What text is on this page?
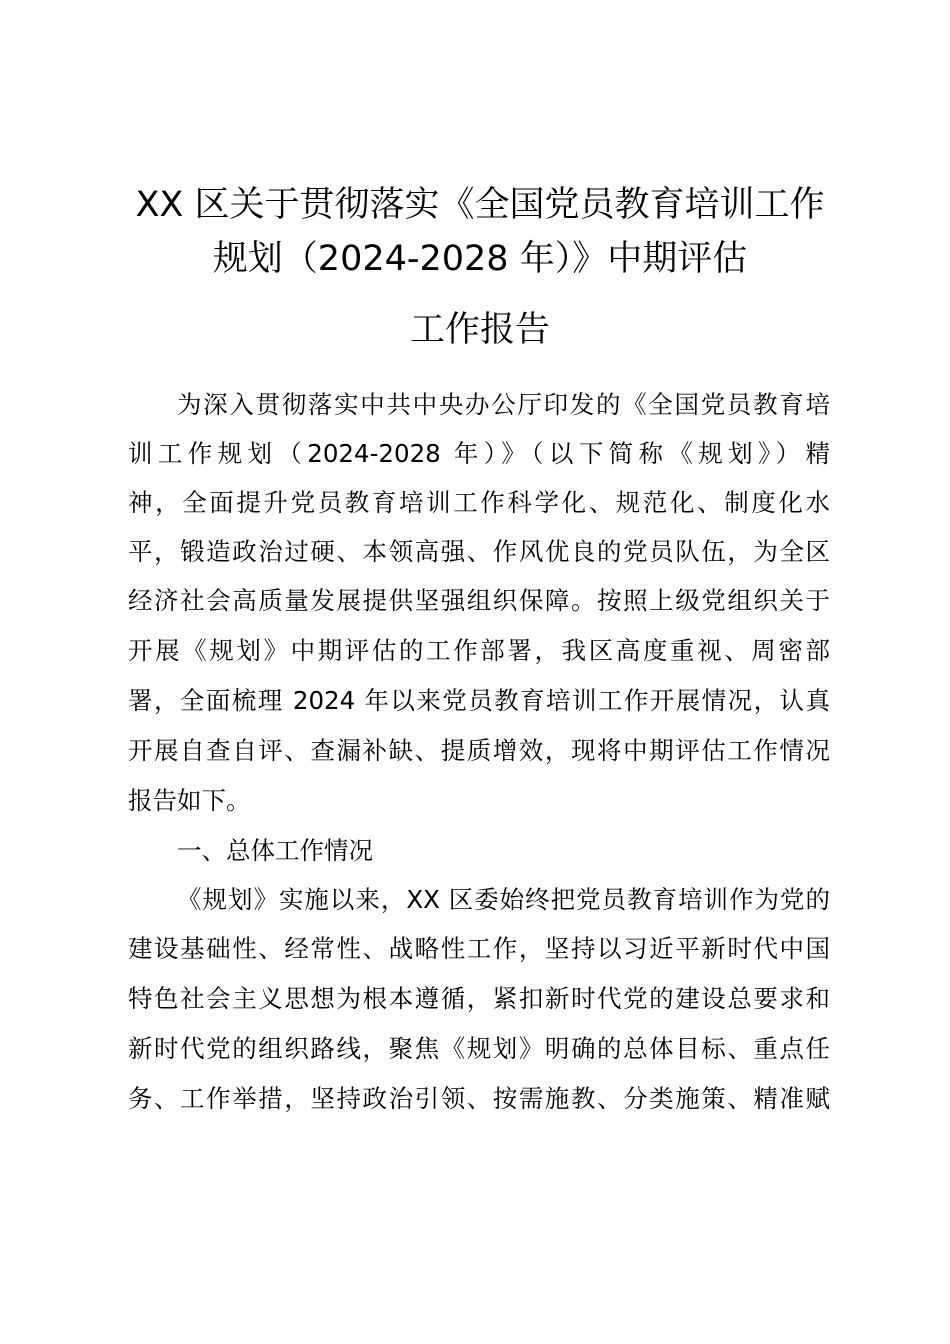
XX 区关于贯彻落实《全国党员教育培训工作
规划（2024-2028 年）》中期评估
工作报告
为深入贯彻落实中共中央办公厅印发的《全国党员教育培
训工作规划（2024-2028 年）》（以下简称《规划》）精
神，全面提升党员教育培训工作科学化、规范化、制度化水
平，锻造政治过硬、本领高强、作风优良的党员队伍，为全区
经济社会高质量发展提供坚强组织保障。按照上级党组织关于
开展《规划》中期评估的工作部署，我区高度重视、周密部
署，全面梳理 2024 年以来党员教育培训工作开展情况，认真
开展自查自评、查漏补缺、提质增效，现将中期评估工作情况
报告如下。
一、总体工作情况
《规划》实施以来，XX 区委始终把党员教育培训作为党的
建设基础性、经常性、战略性工作，坚持以习近平新时代中国
特色社会主义思想为根本遵循，紧扣新时代党的建设总要求和
新时代党的组织路线，聚焦《规划》明确的总体目标、重点任
务、工作举措，坚持政治引领、按需施教、分类施策、精准赋
